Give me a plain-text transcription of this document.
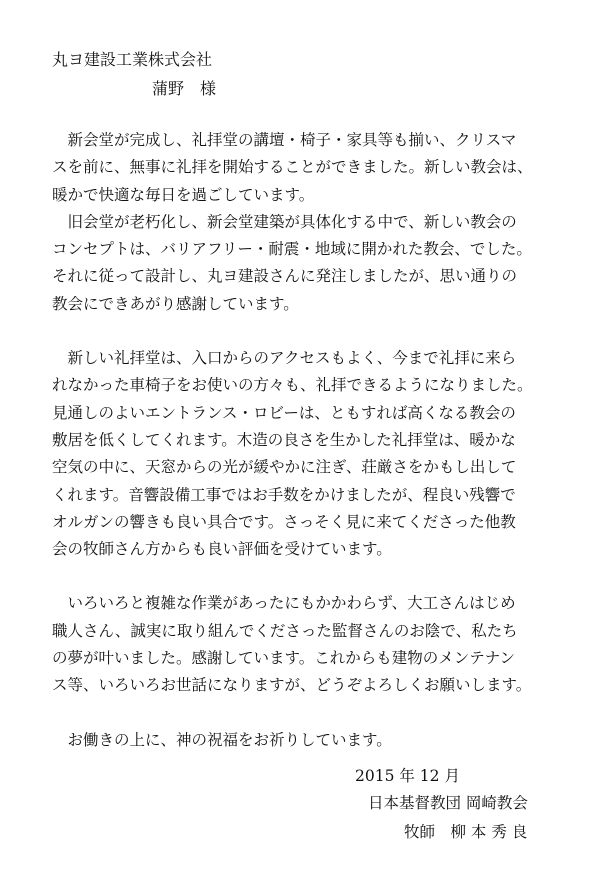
丸ヨ建設工業株式会社
蒲野　様
　新会堂が完成し、礼拝堂の講壇・椅子・家具等も揃い、クリスマ
スを前に、無事に礼拝を開始することができました。新しい教会は、
暖かで快適な毎日を過ごしています。
　旧会堂が老朽化し、新会堂建築が具体化する中で、新しい教会の
コンセプトは、バリアフリー・耐震・地域に開かれた教会、でした。
それに従って設計し、丸ヨ建設さんに発注しましたが、思い通りの
教会にできあがり感謝しています。
　新しい礼拝堂は、入口からのアクセスもよく、今まで礼拝に来ら
れなかった車椅子をお使いの方々も、礼拝できるようになりました。
見通しのよいエントランス・ロビーは、ともすれば高くなる教会の
敷居を低くしてくれます。木造の良さを生かした礼拝堂は、暖かな
空気の中に、天窓からの光が緩やかに注ぎ、荘厳さをかもし出して
くれます。音響設備工事ではお手数をかけましたが、程良い残響で
オルガンの響きも良い具合です。さっそく見に来てくださった他教
会の牧師さん方からも良い評価を受けています。
　いろいろと複雑な作業があったにもかかわらず、大工さんはじめ
職人さん、誠実に取り組んでくださった監督さんのお陰で、私たち
の夢が叶いました。感謝しています。これからも建物のメンテナン
ス等、いろいろお世話になりますが、どうぞよろしくお願いします。
　お働きの上に、神の祝福をお祈りしています。
2015 年 12 月
日本基督教団 岡崎教会
牧師　柳 本 秀 良
